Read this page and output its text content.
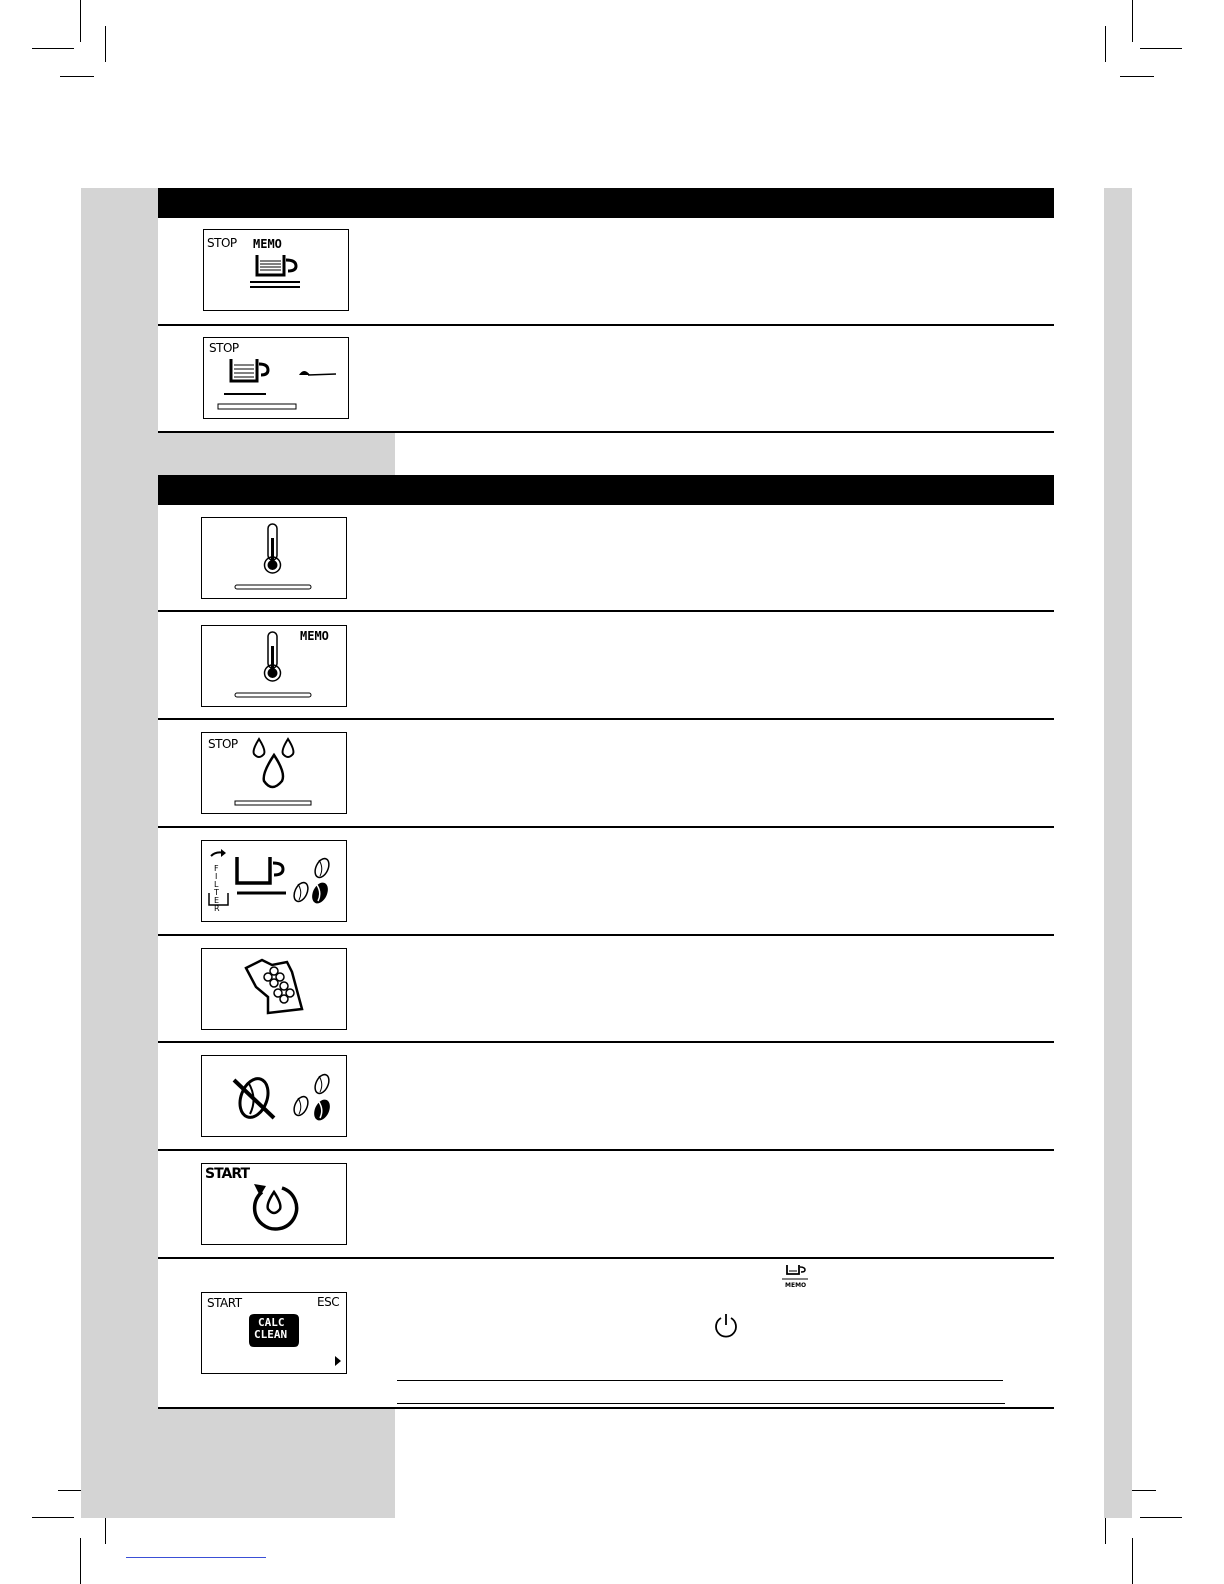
STOP MEMO
STOP
MEMO
STOP
F
I
L
T
E
R
START
START	ESC
CALC
CLEAN
MEMO
